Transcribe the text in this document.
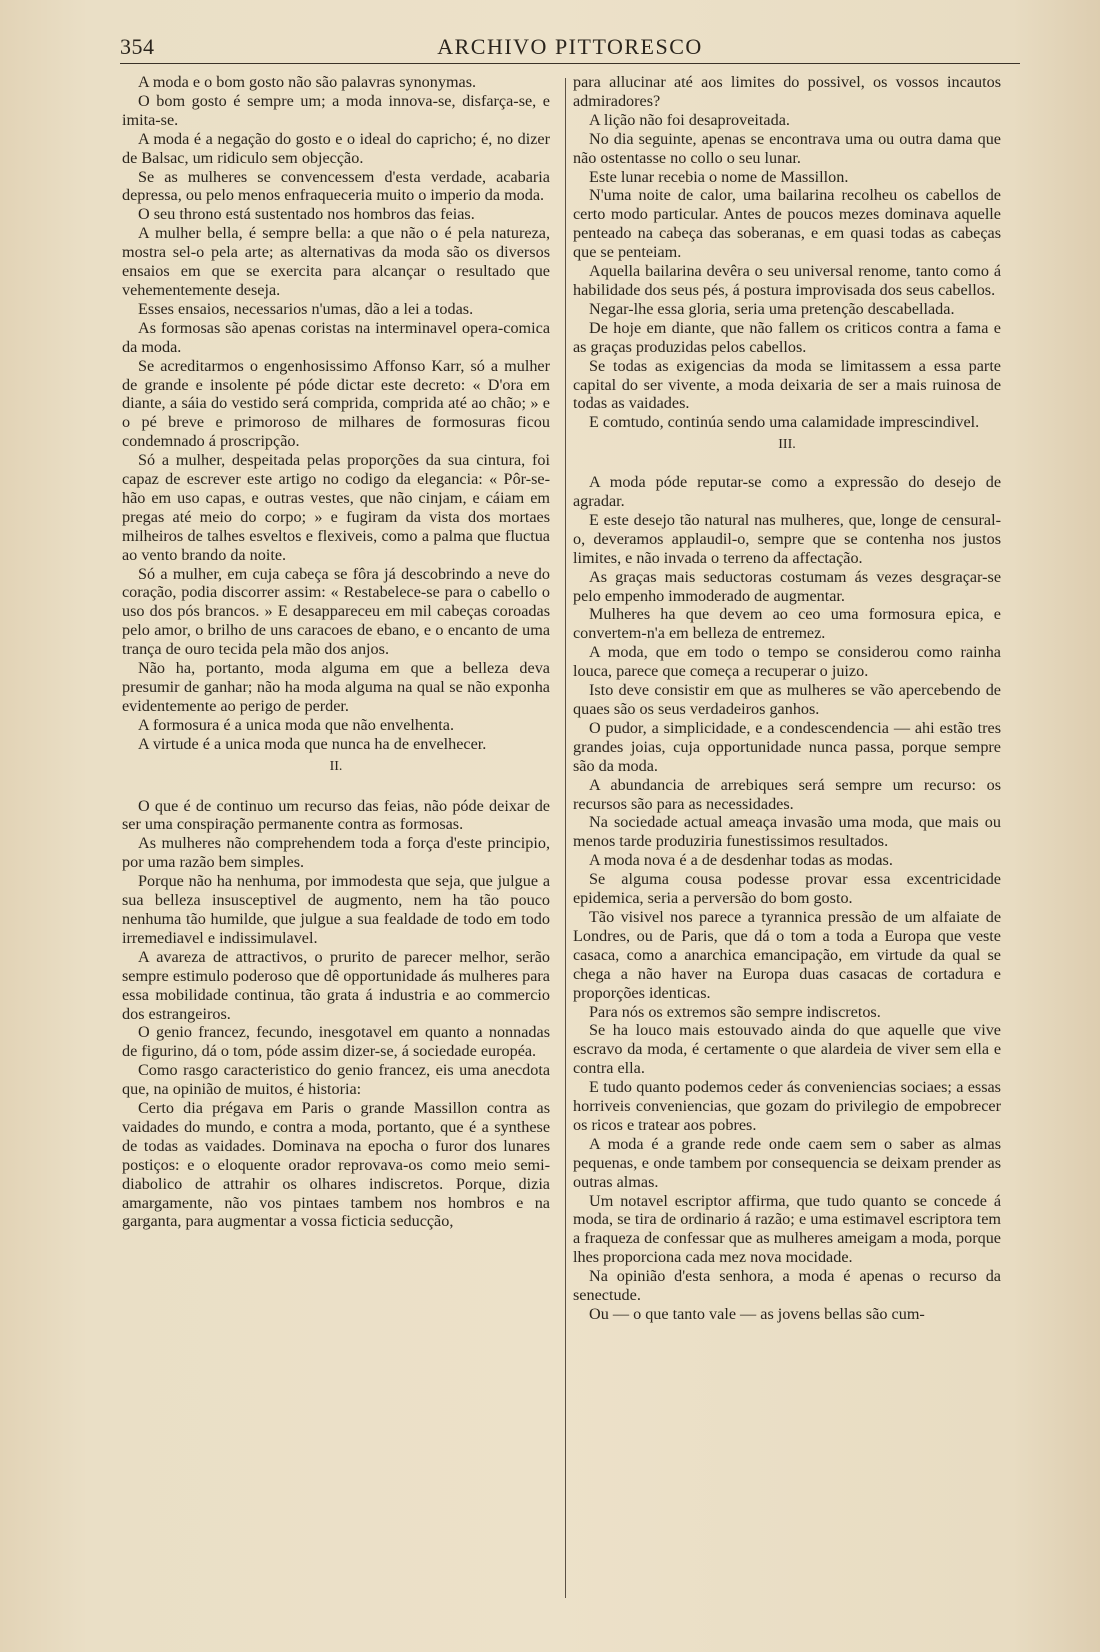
354	ARCHIVO PITTORESCO

A moda e o bom gosto não são palavras synonymas.

O bom gosto é sempre um; a moda innova-se, disfarça-se, e imita-se.

A moda é a negação do gosto e o ideal do capricho; é, no dizer de Balsac, um ridiculo sem objecção.

Se as mulheres se convencessem d'esta verdade, acabaria depressa, ou pelo menos enfraqueceria muito o imperio da moda.

O seu throno está sustentado nos hombros das feias.

A mulher bella, é sempre bella: a que não o é pela natureza, mostra sel-o pela arte; as alternativas da moda são os diversos ensaios em que se exercita para alcançar o resultado que vehementemente deseja.

Esses ensaios, necessarios n'umas, dão a lei a todas.

As formosas são apenas coristas na interminavel opera-comica da moda.

Se acreditarmos o engenhosissimo Affonso Karr, só a mulher de grande e insolente pé póde dictar este decreto: « D'ora em diante, a sáia do vestido será comprida, comprida até ao chão; » e o pé breve e primoroso de milhares de formosuras ficou condemnado á proscripção.

Só a mulher, despeitada pelas proporções da sua cintura, foi capaz de escrever este artigo no codigo da elegancia: « Pôr-se-hão em uso capas, e outras vestes, que não cinjam, e cáiam em pregas até meio do corpo; » e fugiram da vista dos mortaes milheiros de talhes esveltos e flexiveis, como a palma que fluctua ao vento brando da noite.

Só a mulher, em cuja cabeça se fôra já descobrindo a neve do coração, podia discorrer assim: « Restabelece-se para o cabello o uso dos pós brancos. » E desappareceu em mil cabeças coroadas pelo amor, o brilho de uns caracoes de ebano, e o encanto de uma trança de ouro tecida pela mão dos anjos.

Não ha, portanto, moda alguma em que a belleza deva presumir de ganhar; não ha moda alguma na qual se não exponha evidentemente ao perigo de perder.

A formosura é a unica moda que não envelhenta.

A virtude é a unica moda que nunca ha de envelhecer.

II.

O que é de continuo um recurso das feias, não póde deixar de ser uma conspiração permanente contra as formosas.

As mulheres não comprehendem toda a força d'este principio, por uma razão bem simples.

Porque não ha nenhuma, por immodesta que seja, que julgue a sua belleza insusceptivel de augmento, nem ha tão pouco nenhuma tão humilde, que julgue a sua fealdade de todo em todo irremediavel e indissimulavel.

A avareza de attractivos, o prurito de parecer melhor, serão sempre estimulo poderoso que dê opportunidade ás mulheres para essa mobilidade continua, tão grata á industria e ao commercio dos estrangeiros.

O genio francez, fecundo, inesgotavel em quanto a nonnadas de figurino, dá o tom, póde assim dizer-se, á sociedade européa.

Como rasgo caracteristico do genio francez, eis uma anecdota que, na opinião de muitos, é historia:

Certo dia prégava em Paris o grande Massillon contra as vaidades do mundo, e contra a moda, portanto, que é a synthese de todas as vaidades. Dominava na epocha o furor dos lunares postiços: e o eloquente orador reprovava-os como meio semi-diabolico de attrahir os olhares indiscretos. Porque, dizia amargamente, não vos pintaes tambem nos hombros e na garganta, para augmentar a vossa ficticia seducção,

para allucinar até aos limites do possivel, os vossos incautos admiradores?

A lição não foi desaproveitada.

No dia seguinte, apenas se encontrava uma ou outra dama que não ostentasse no collo o seu lunar.

Este lunar recebia o nome de Massillon.

N'uma noite de calor, uma bailarina recolheu os cabellos de certo modo particular. Antes de poucos mezes dominava aquelle penteado na cabeça das soberanas, e em quasi todas as cabeças que se penteiam.

Aquella bailarina devêra o seu universal renome, tanto como á habilidade dos seus pés, á postura improvisada dos seus cabellos.

Negar-lhe essa gloria, seria uma pretenção descabellada.

De hoje em diante, que não fallem os criticos contra a fama e as graças produzidas pelos cabellos.

Se todas as exigencias da moda se limitassem a essa parte capital do ser vivente, a moda deixaria de ser a mais ruinosa de todas as vaidades.

E comtudo, continúa sendo uma calamidade imprescindivel.

III.

A moda póde reputar-se como a expressão do desejo de agradar.

E este desejo tão natural nas mulheres, que, longe de censural-o, deveramos applaudil-o, sempre que se contenha nos justos limites, e não invada o terreno da affectação.

As graças mais seductoras costumam ás vezes desgraçar-se pelo empenho immoderado de augmentar.

Mulheres ha que devem ao ceo uma formosura epica, e convertem-n'a em belleza de entremez.

A moda, que em todo o tempo se considerou como rainha louca, parece que começa a recuperar o juizo.

Isto deve consistir em que as mulheres se vão apercebendo de quaes são os seus verdadeiros ganhos.

O pudor, a simplicidade, e a condescendencia — ahi estão tres grandes joias, cuja opportunidade nunca passa, porque sempre são da moda.

A abundancia de arrebiques será sempre um recurso: os recursos são para as necessidades.

Na sociedade actual ameaça invasão uma moda, que mais ou menos tarde produziria funestissimos resultados.

A moda nova é a de desdenhar todas as modas.

Se alguma cousa podesse provar essa excentricidade epidemica, seria a perversão do bom gosto.

Tão visivel nos parece a tyrannica pressão de um alfaiate de Londres, ou de Paris, que dá o tom a toda a Europa que veste casaca, como a anarchica emancipação, em virtude da qual se chega a não haver na Europa duas casacas de cortadura e proporções identicas.

Para nós os extremos são sempre indiscretos.

Se ha louco mais estouvado ainda do que aquelle que vive escravo da moda, é certamente o que alardeia de viver sem ella e contra ella.

E tudo quanto podemos ceder ás conveniencias sociaes; a essas horriveis conveniencias, que gozam do privilegio de empobrecer os ricos e tratear aos pobres.

A moda é a grande rede onde caem sem o saber as almas pequenas, e onde tambem por consequencia se deixam prender as outras almas.

Um notavel escriptor affirma, que tudo quanto se concede á moda, se tira de ordinario á razão; e uma estimavel escriptora tem a fraqueza de confessar que as mulheres ameigam a moda, porque lhes proporciona cada mez nova mocidade.

Na opinião d'esta senhora, a moda é apenas o recurso da senectude.

Ou — o que tanto vale — as jovens bellas são cum-
